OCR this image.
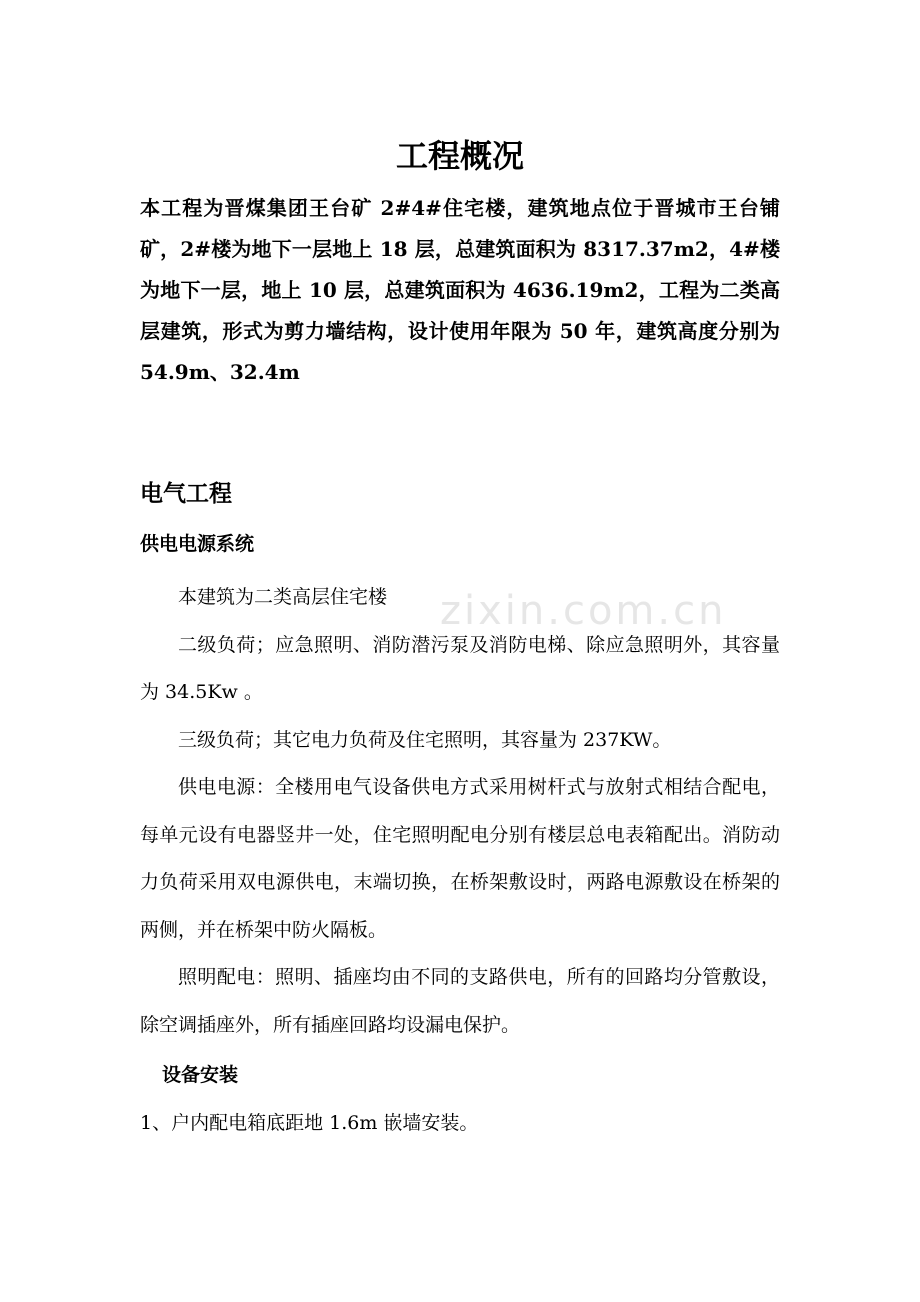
zixin.com.cn
工程概况

本工程为晋煤集团王台矿 2#4#住宅楼，建筑地点位于晋城市王台铺矿，2#楼为地下一层地上 18 层，总建筑面积为 8317.37m2，4#楼为地下一层，地上 10 层，总建筑面积为 4636.19m2，工程为二类高层建筑，形式为剪力墙结构，设计使用年限为 50 年，建筑高度分别为 54.9m、32.4m

电气工程
供电电源系统

本建筑为二类高层住宅楼

二级负荷；应急照明、消防潜污泵及消防电梯、除应急照明外，其容量为 34.5Kw 。

三级负荷；其它电力负荷及住宅照明，其容量为 237KW。

供电电源：全楼用电气设备供电方式采用树杆式与放射式相结合配电，每单元设有电器竖井一处，住宅照明配电分别有楼层总电表箱配出。消防动力负荷采用双电源供电，末端切换，在桥架敷设时，两路电源敷设在桥架的两侧，并在桥架中防火隔板。

照明配电：照明、插座均由不同的支路供电，所有的回路均分管敷设，除空调插座外，所有插座回路均设漏电保护。

设备安装

1、户内配电箱底距地 1.6m 嵌墙安装。
